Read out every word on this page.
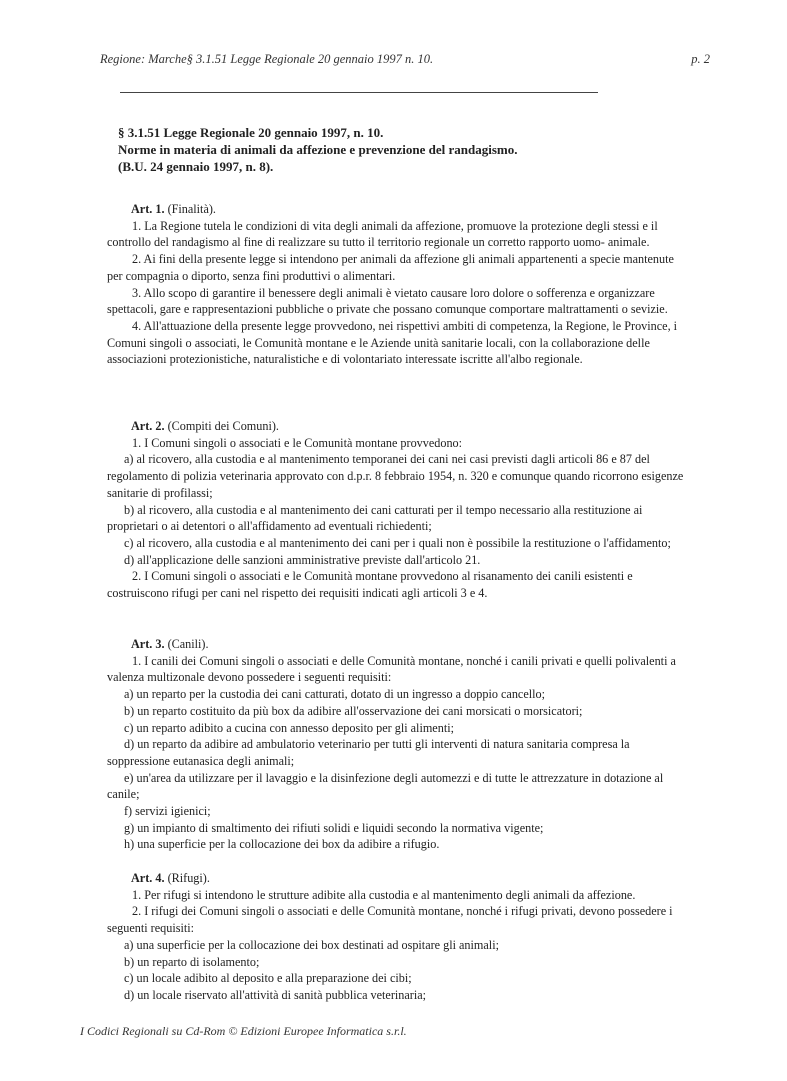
Regione: Marche§ 3.1.51 Legge Regionale 20 gennaio 1997 n. 10.	p. 2
§ 3.1.51 Legge Regionale 20 gennaio 1997, n. 10.
Norme in materia di animali da affezione e prevenzione del randagismo.
(B.U. 24 gennaio 1997, n. 8).
Art. 1. (Finalità).
1. La Regione tutela le condizioni di vita degli animali da affezione, promuove la protezione degli stessi e il controllo del randagismo al fine di realizzare su tutto il territorio regionale un corretto rapporto uomo- animale.
2. Ai fini della presente legge si intendono per animali da affezione gli animali appartenenti a specie mantenute per compagnia o diporto, senza fini produttivi o alimentari.
3. Allo scopo di garantire il benessere degli animali è vietato causare loro dolore o sofferenza e organizzare spettacoli, gare e rappresentazioni pubbliche o private che possano comunque comportare maltrattamenti o sevizie.
4. All'attuazione della presente legge provvedono, nei rispettivi ambiti di competenza, la Regione, le Province, i Comuni singoli o associati, le Comunità montane e le Aziende unità sanitarie locali, con la collaborazione delle associazioni protezionistiche, naturalistiche e di volontariato interessate iscritte all'albo regionale.
Art. 2. (Compiti dei Comuni).
1. I Comuni singoli o associati e le Comunità montane provvedono:
a) al ricovero, alla custodia e al mantenimento temporanei dei cani nei casi previsti dagli articoli 86 e 87 del regolamento di polizia veterinaria approvato con d.p.r. 8 febbraio 1954, n. 320 e comunque quando ricorrono esigenze sanitarie di profilassi;
b) al ricovero, alla custodia e al mantenimento dei cani catturati per il tempo necessario alla restituzione ai proprietari o ai detentori o all'affidamento ad eventuali richiedenti;
c) al ricovero, alla custodia e al mantenimento dei cani per i quali non è possibile la restituzione o l'affidamento;
d) all'applicazione delle sanzioni amministrative previste dall'articolo 21.
2. I Comuni singoli o associati e le Comunità montane provvedono al risanamento dei canili esistenti e costruiscono rifugi per cani nel rispetto dei requisiti indicati agli articoli 3 e 4.
Art. 3. (Canili).
1. I canili dei Comuni singoli o associati e delle Comunità montane, nonché i canili privati e quelli polivalenti a valenza multizonale devono possedere i seguenti requisiti:
a) un reparto per la custodia dei cani catturati, dotato di un ingresso a doppio cancello;
b) un reparto costituito da più box da adibire all'osservazione dei cani morsicati o morsicatori;
c) un reparto adibito a cucina con annesso deposito per gli alimenti;
d) un reparto da adibire ad ambulatorio veterinario per tutti gli interventi di natura sanitaria compresa la soppressione eutanasica degli animali;
e) un'area da utilizzare per il lavaggio e la disinfezione degli automezzi e di tutte le attrezzature in dotazione al canile;
f) servizi igienici;
g) un impianto di smaltimento dei rifiuti solidi e liquidi secondo la normativa vigente;
h) una superficie per la collocazione dei box da adibire a rifugio.
Art. 4. (Rifugi).
1. Per rifugi si intendono le strutture adibite alla custodia e al mantenimento degli animali da affezione.
2. I rifugi dei Comuni singoli o associati e delle Comunità montane, nonché i rifugi privati, devono possedere i seguenti requisiti:
a) una superficie per la collocazione dei box destinati ad ospitare gli animali;
b) un reparto di isolamento;
c) un locale adibito al deposito e alla preparazione dei cibi;
d) un locale riservato all'attività di sanità pubblica veterinaria;
I Codici Regionali su Cd-Rom © Edizioni Europee Informatica s.r.l.
